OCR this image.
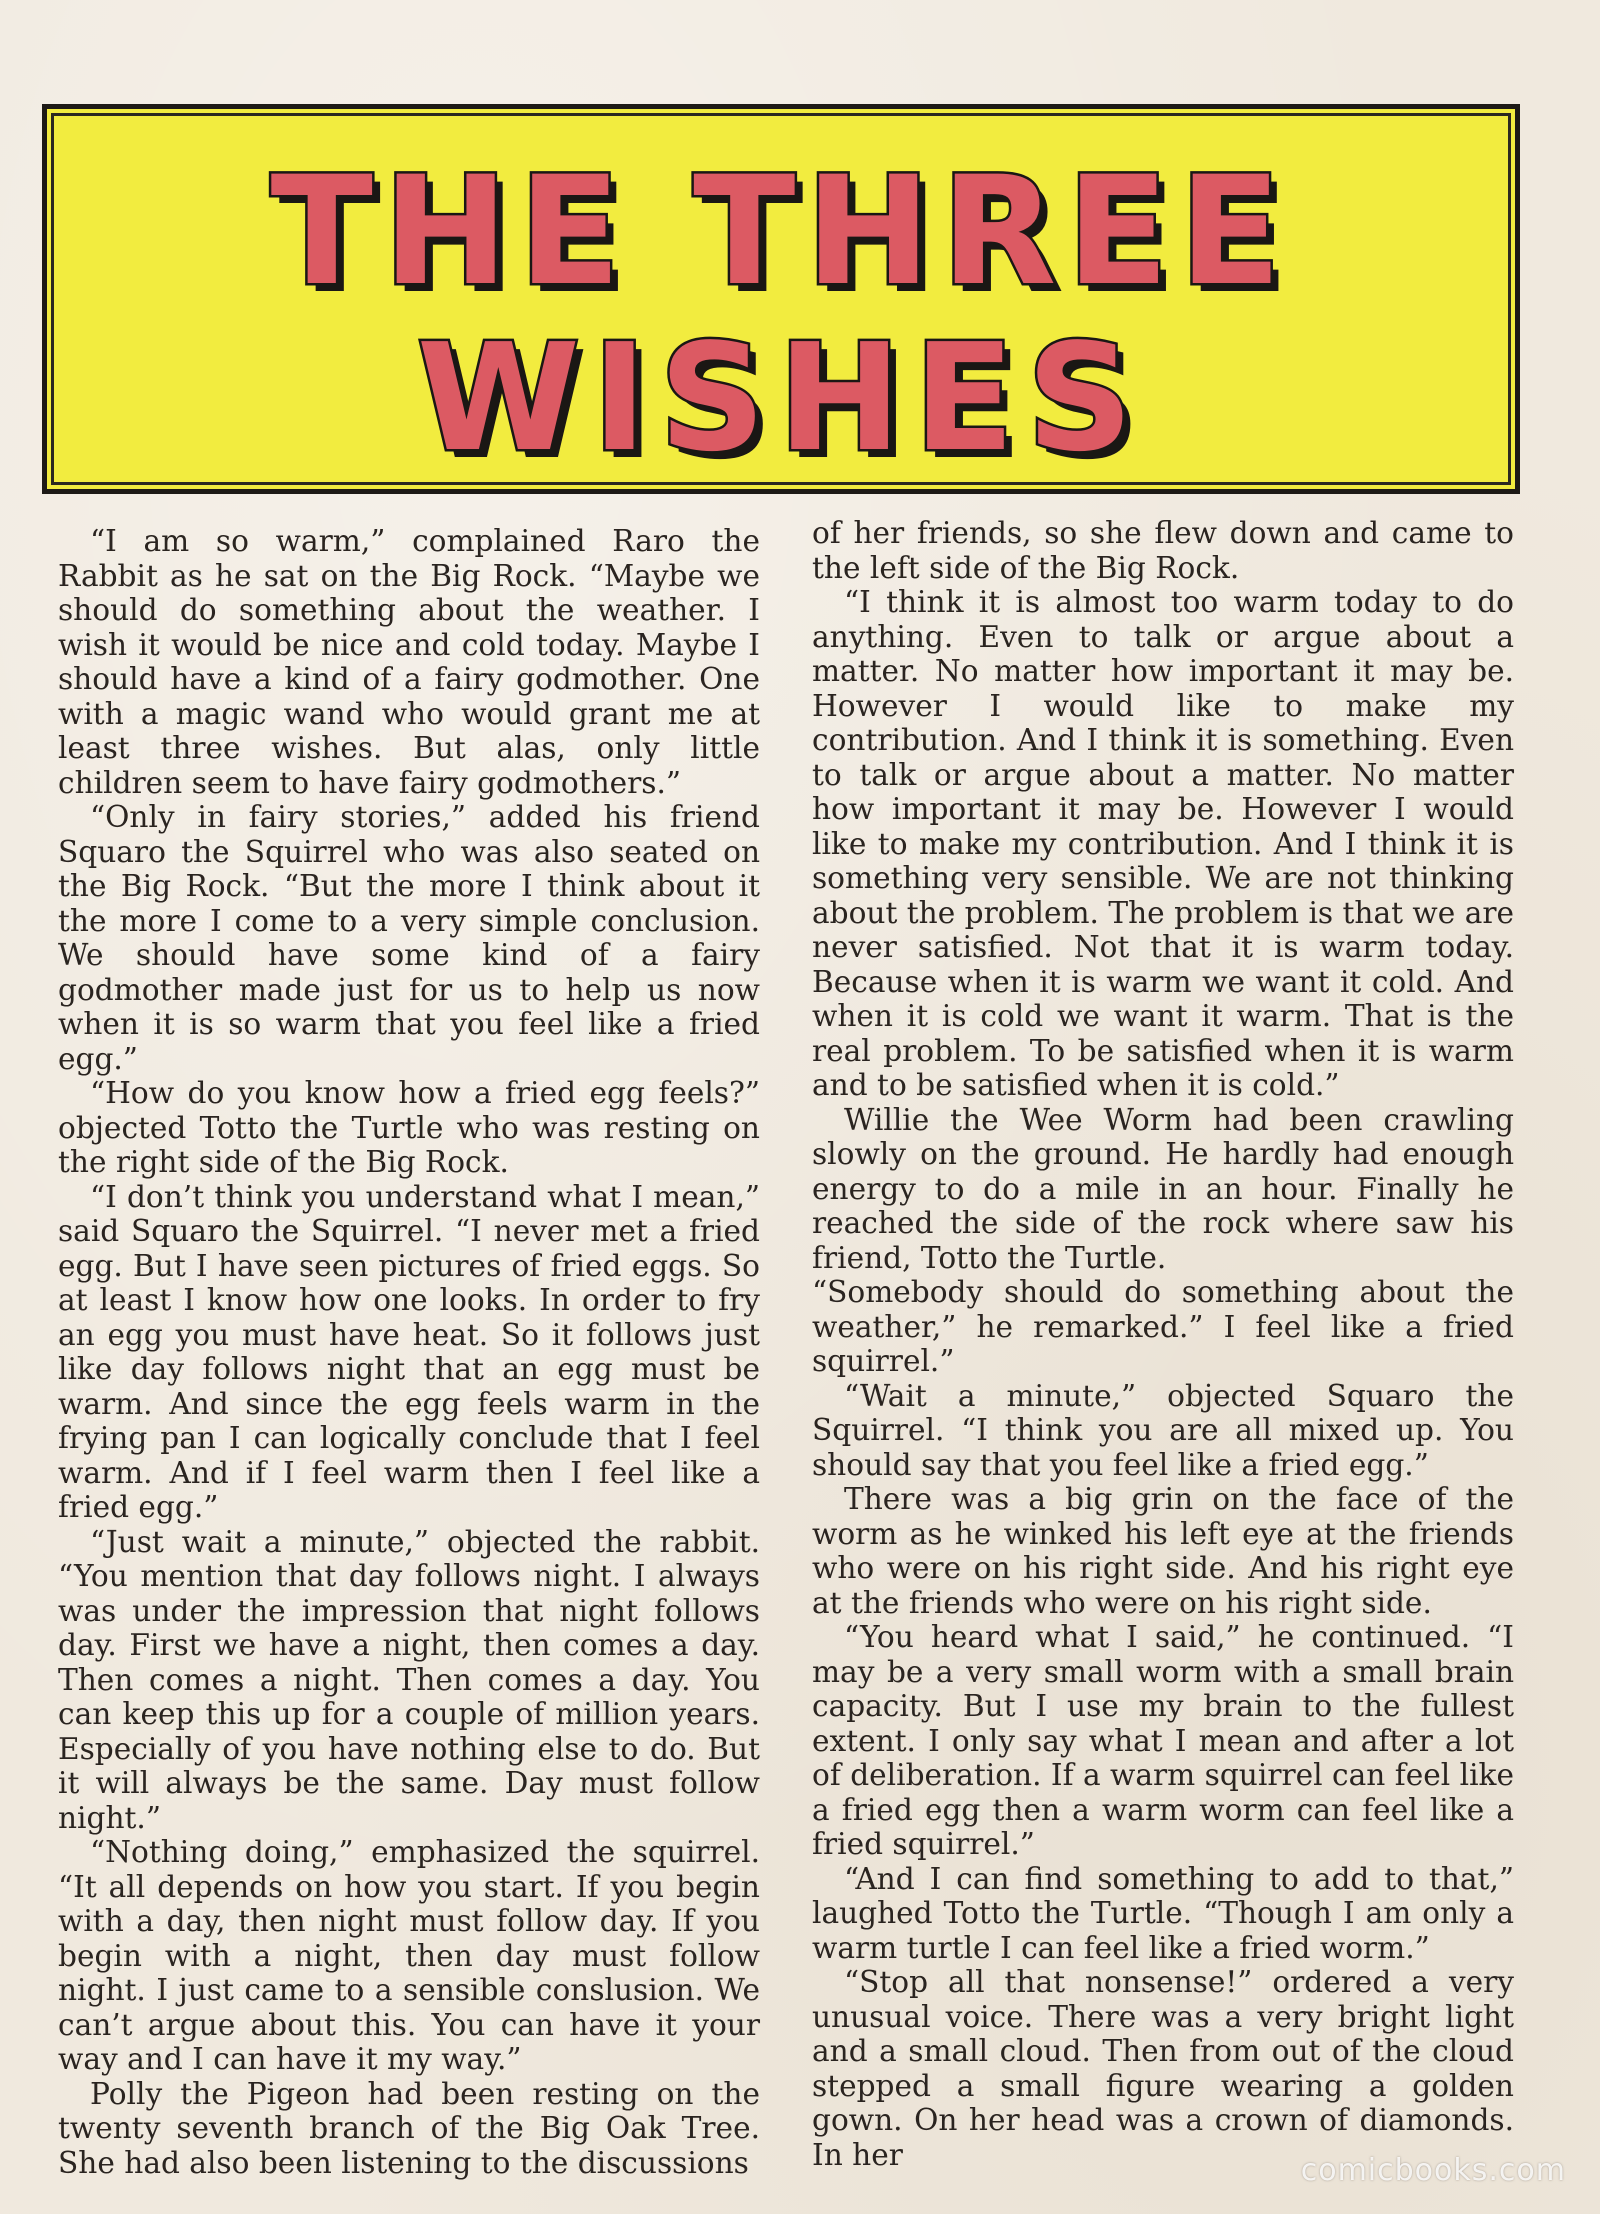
THE THREE
WISHES

“I am so warm,” complained Raro the Rabbit as he sat on the Big Rock. “Maybe we should do something about the weather. I wish it would be nice and cold today. Maybe I should have a kind of a fairy godmother. One with a magic wand who would grant me at least three wishes. But alas, only little children seem to have fairy godmothers.”

“Only in fairy stories,” added his friend Squaro the Squirrel who was also seated on the Big Rock. “But the more I think about it the more I come to a very simple conclusion. We should have some kind of a fairy godmother made just for us to help us now when it is so warm that you feel like a fried egg.”

“How do you know how a fried egg feels?” objected Totto the Turtle who was resting on the right side of the Big Rock.

“I don’t think you understand what I mean,” said Squaro the Squirrel. “I never met a fried egg. But I have seen pictures of fried eggs. So at least I know how one looks. In order to fry an egg you must have heat. So it follows just like day follows night that an egg must be warm. And since the egg feels warm in the frying pan I can logically conclude that I feel warm. And if I feel warm then I feel like a fried egg.”

“Just wait a minute,” objected the rabbit. “You mention that day follows night. I always was under the impression that night follows day. First we have a night, then comes a day. Then comes a night. Then comes a day. You can keep this up for a couple of million years. Especially of you have nothing else to do. But it will always be the same. Day must follow night.”

“Nothing doing,” emphasized the squirrel. “It all depends on how you start. If you begin with a day, then night must follow day. If you begin with a night, then day must follow night. I just came to a sensible conslusion. We can’t argue about this. You can have it your way and I can have it my way.”

Polly the Pigeon had been resting on the twenty seventh branch of the Big Oak Tree. She had also been listening to the discussions

of her friends, so she flew down and came to the left side of the Big Rock.

“I think it is almost too warm today to do anything. Even to talk or argue about a matter. No matter how important it may be. However I would like to make my contribution. And I think it is something. Even to talk or argue about a matter. No matter how important it may be. However I would like to make my contribution. And I think it is something very sensible. We are not thinking about the problem. The problem is that we are never satisfied. Not that it is warm today. Because when it is warm we want it cold. And when it is cold we want it warm. That is the real problem. To be satisfied when it is warm and to be satisfied when it is cold.”

Willie the Wee Worm had been crawling slowly on the ground. He hardly had enough energy to do a mile in an hour. Finally he reached the side of the rock where saw his friend, Totto the Turtle.

“Somebody should do something about the weather,” he remarked.” I feel like a fried squirrel.”

“Wait a minute,” objected Squaro the Squirrel. “I think you are all mixed up. You should say that you feel like a fried egg.”

There was a big grin on the face of the worm as he winked his left eye at the friends who were on his right side. And his right eye at the friends who were on his right side.

“You heard what I said,” he continued. “I may be a very small worm with a small brain capacity. But I use my brain to the fullest extent. I only say what I mean and after a lot of deliberation. If a warm squirrel can feel like a fried egg then a warm worm can feel like a fried squirrel.”

“And I can find something to add to that,” laughed Totto the Turtle. “Though I am only a warm turtle I can feel like a fried worm.”

“Stop all that nonsense!” ordered a very unusual voice. There was a very bright light and a small cloud. Then from out of the cloud stepped a small figure wearing a golden gown. On her head was a crown of diamonds. In her	comicbooks.com
